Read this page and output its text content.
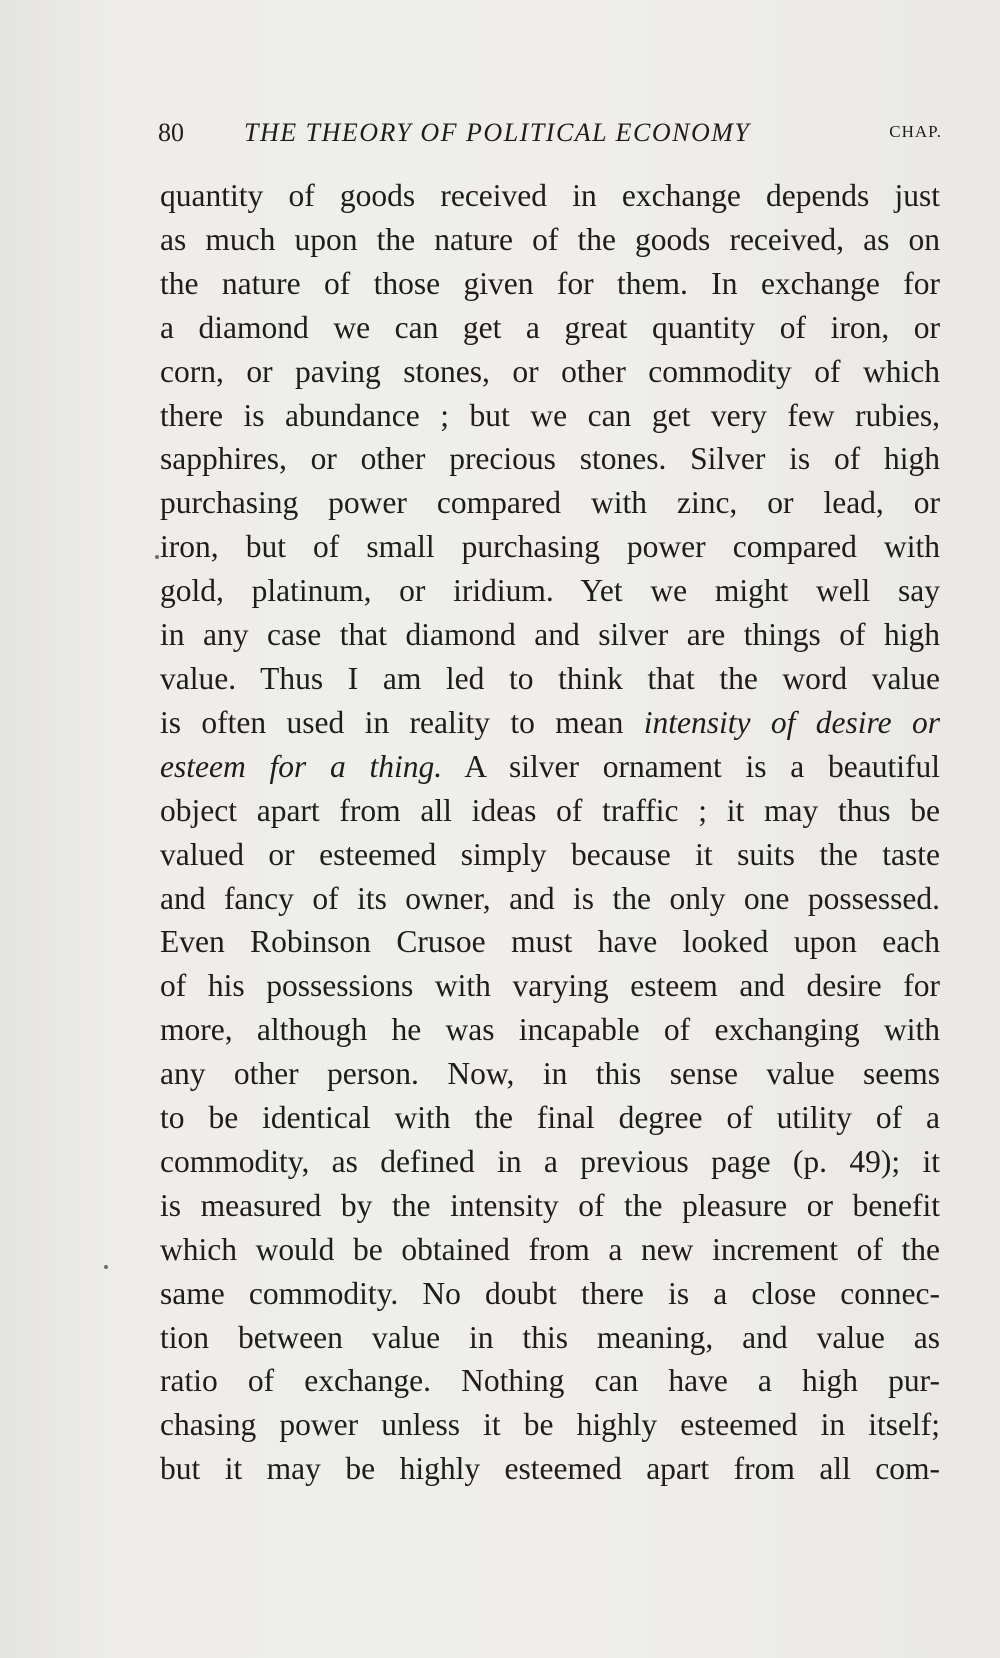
80 THE THEORY OF POLITICAL ECONOMY	CHAP.
quantity of goods received in exchange depends just
as much upon the nature of the goods received, as on
the nature of those given for them. In exchange for
a diamond we can get a great quantity of iron, or
corn, or paving stones, or other commodity of which
there is abundance ; but we can get very few rubies,
sapphires, or other precious stones. Silver is of high
purchasing power compared with zinc, or lead, or
iron, but of small purchasing power compared with
gold, platinum, or iridium. Yet we might well say
in any case that diamond and silver are things of high
value. Thus I am led to think that the word value
is often used in reality to mean intensity of desire or
esteem for a thing. A silver ornament is a beautiful
object apart from all ideas of traffic ; it may thus be
valued or esteemed simply because it suits the taste
and fancy of its owner, and is the only one possessed.
Even Robinson Crusoe must have looked upon each
of his possessions with varying esteem and desire for
more, although he was incapable of exchanging with
any other person. Now, in this sense value seems
to be identical with the final degree of utility of a
commodity, as defined in a previous page (p. 49); it
is measured by the intensity of the pleasure or benefit
which would be obtained from a new increment of the
same commodity. No doubt there is a close connec-
tion between value in this meaning, and value as
ratio of exchange. Nothing can have a high pur-
chasing power unless it be highly esteemed in itself;
but it may be highly esteemed apart from all com-
